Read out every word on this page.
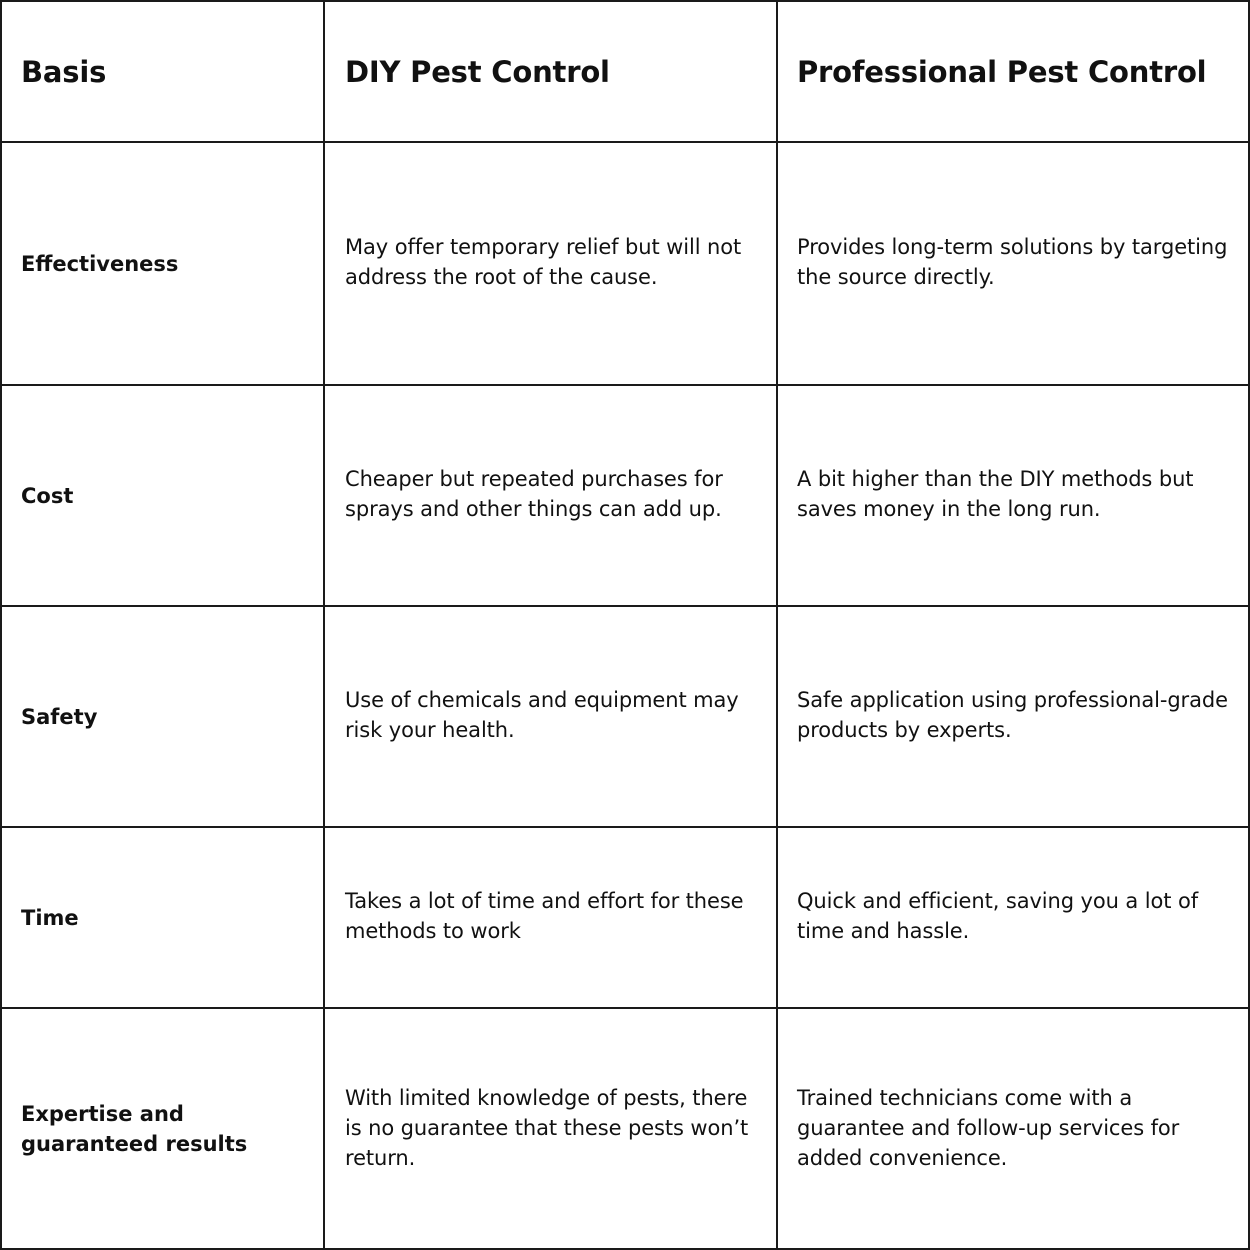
Basis	DIY Pest Control	Professional Pest Control
Effectiveness
May offer temporary relief but will not address the root of the cause.
Provides long-term solutions by targeting the source directly.
Cost
Cheaper but repeated purchases for sprays and other things can add up.
A bit higher than the DIY methods but saves money in the long run.
Safety
Use of chemicals and equipment may risk your health.
Safe application using professional-grade products by experts.
Time
Takes a lot of time and effort for these methods to work
Quick and efficient, saving you a lot of time and hassle.
Expertise and guaranteed results
With limited knowledge of pests, there is no guarantee that these pests won’t return.
Trained technicians come with a guarantee and follow-up services for added convenience.
